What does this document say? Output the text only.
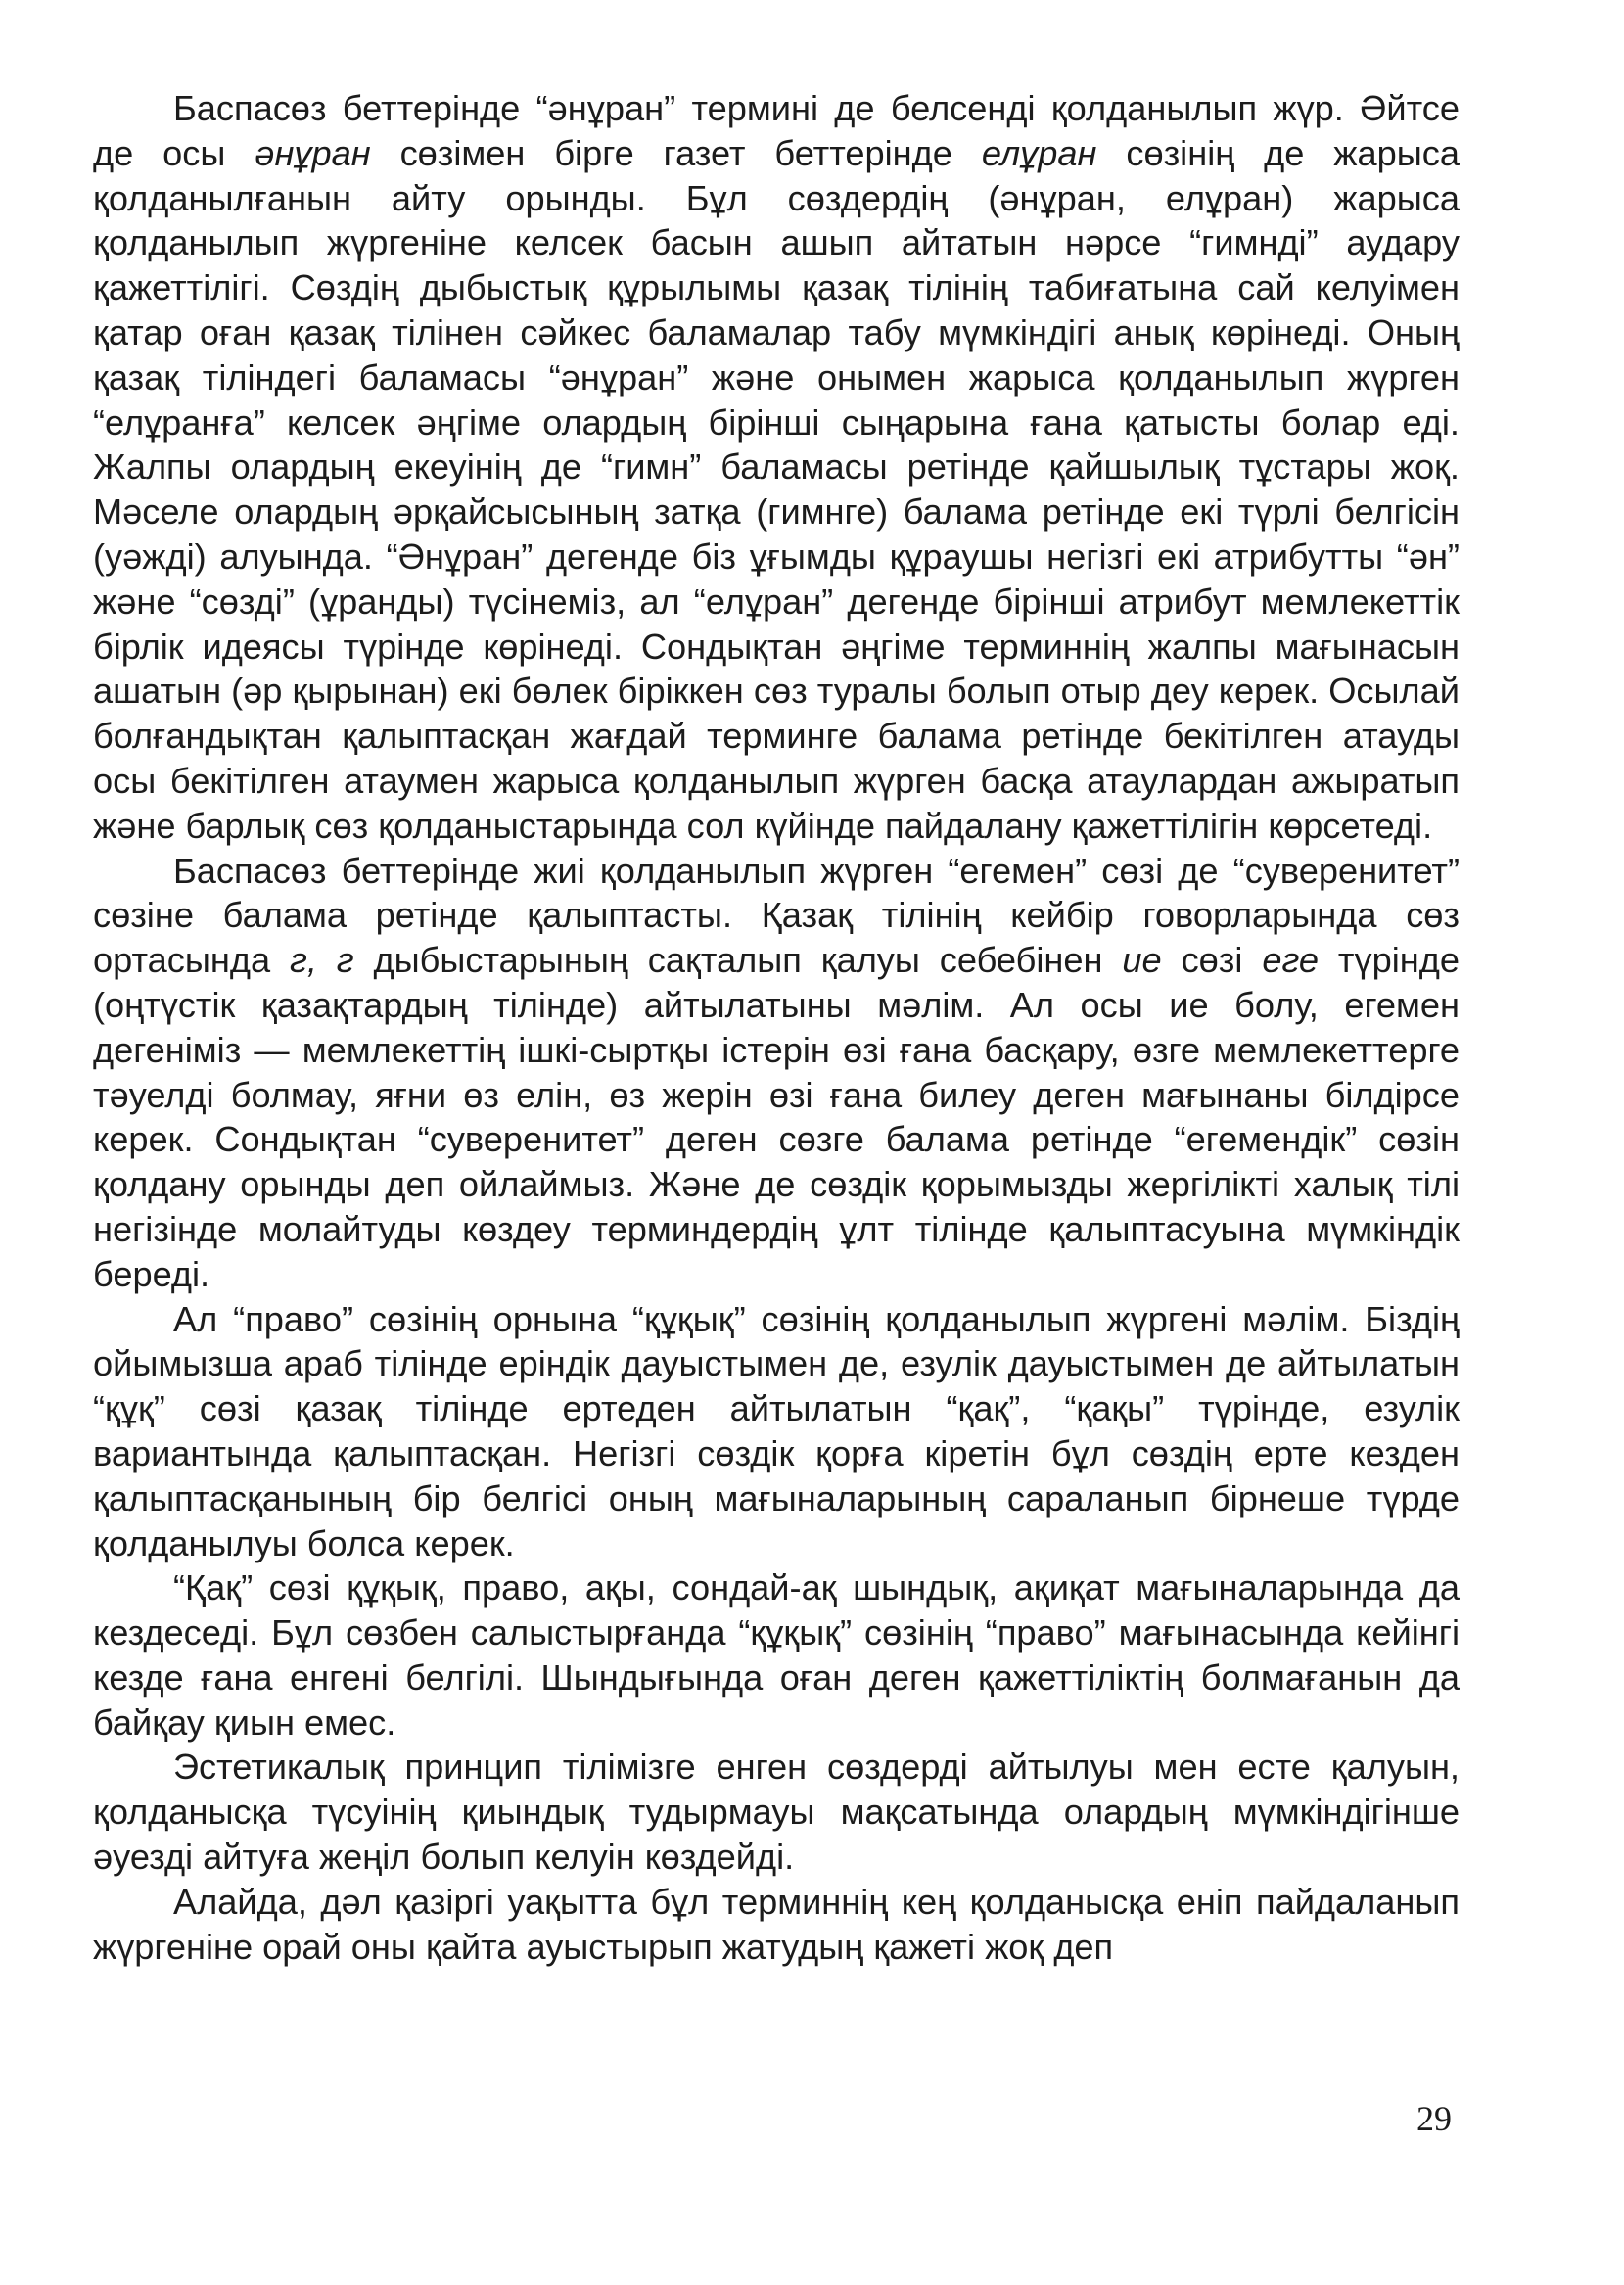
Баспасөз беттерінде “әнұран” термині де белсенді қолданылып жүр. Әйтсе де осы әнұран сөзімен бірге газет беттерінде елұран сөзінің де жарыса қолданылғанын айту орынды. Бұл сөздердің (әнұран, елұран) жарыса қолданылып жүргеніне келсек басын ашып айтатын нәрсе “гимнді” аудару қажеттілігі. Сөздің дыбыстық құрылымы қазақ тілінің табиғатына сай келуімен қатар оған қазақ тілінен сәйкес баламалар табу мүмкіндігі анық көрінеді. Оның қазақ тіліндегі баламасы “әнұран” және онымен жарыса қолданылып жүрген “елұранға” келсек әңгіме олардың бірінші сыңарына ғана қатысты болар еді. Жалпы олардың екеуінің де “гимн” баламасы ретінде қайшылық тұстары жоқ. Мәселе олардың әрқайсысының затқа (гимнге) балама ретінде екі түрлі белгісін (уәжді) алуында. “Әнұран” дегенде біз ұғымды құраушы негізгі екі атрибутты “ән” және “сөзді” (ұранды) түсінеміз, ал “елұран” дегенде бірінші атрибут мемлекеттік бірлік идеясы түрінде көрінеді. Сондықтан әңгіме терминнің жалпы мағынасын ашатын (әр қырынан) екі бөлек біріккен сөз туралы болып отыр деу керек. Осылай болғандықтан қалыптасқан жағдай терминге балама ретінде бекітілген атауды осы бекітілген атаумен жарыса қолданылып жүрген басқа атаулардан ажыратып және барлық сөз қолданыстарында сол күйінде пайдалану қажеттілігін көрсетеді.

Баспасөз беттерінде жиі қолданылып жүрген “егемен” сөзі де “суверенитет” сөзіне балама ретінде қалыптасты. Қазақ тілінің кейбір говорларында сөз ортасында г, г дыбыстарының сақталып қалуы себебінен ие сөзі еге түрінде (оңтүстік қазақтардың тілінде) айтылатыны мәлім. Ал осы ие болу, егемен дегеніміз — мемлекеттің ішкі-сыртқы істерін өзі ғана басқару, өзге мемлекеттерге тәуелді болмау, яғни өз елін, өз жерін өзі ғана билеу деген мағынаны білдірсе керек. Сондықтан “суверенитет” деген сөзге балама ретінде “егемендік” сөзін қолдану орынды деп ойлаймыз. Және де сөздік қорымызды жергілікті халық тілі негізінде молайтуды көздеу терминдердің ұлт тілінде қалыптасуына мүмкіндік береді.

Ал “право” сөзінің орнына “құқық” сөзінің қолданылып жүргені мәлім. Біздің ойымызша араб тілінде еріндік дауыстымен де, езулік дауыстымен де айтылатын “құқ” сөзі қазақ тілінде ертеден айтылатын “қақ”, “қақы” түрінде, езулік вариантында қалыптасқан. Негізгі сөздік қорға кіретін бұл сөздің ерте кезден қалыптасқанының бір белгісі оның мағыналарының сараланып бірнеше түрде қолданылуы болса керек.

“Қақ” сөзі құқық, право, ақы, сондай-ақ шындық, ақиқат мағыналарында да кездеседі. Бұл сөзбен салыстырғанда “құқық” сөзінің “право” мағынасында кейінгі кезде ғана енгені белгілі. Шындығында оған деген қажеттіліктің болмағанын да байқау қиын емес.

Эстетикалық принцип тілімізге енген сөздерді айтылуы мен есте қалуын, қолданысқа түсуінің қиындық тудырмауы мақсатында олардың мүмкіндігінше әуезді айтуға жеңіл болып келуін көздейді.

Алайда, дәл қазіргі уақытта бұл терминнің кең қолданысқа еніп пайдаланып жүргеніне орай оны қайта ауыстырып жатудың қажеті жоқ деп

29
